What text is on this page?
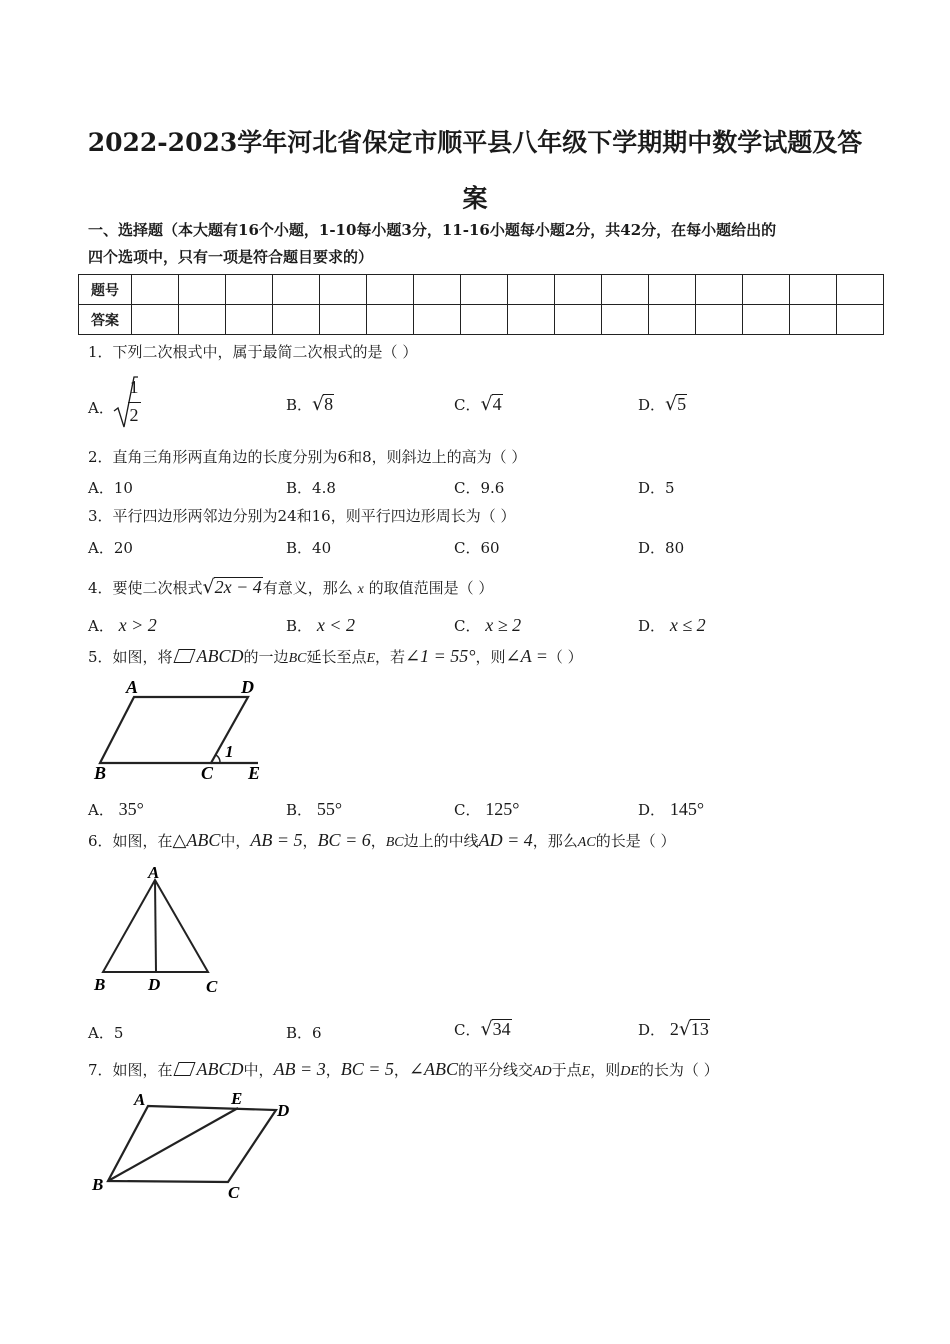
2022-2023学年河北省保定市顺平县八年级下学期期中数学试题及答
案
一、选择题（本大题有16个小题，1-10每小题3分，11-16小题每小题2分，共42分，在每小题给出的
四个选项中，只有一项是符合题目要求的）
题号																
答案																
1．下列二次根式中，属于最简二次根式的是（ ）
A．
1
2	B．√8	C．√4	D．√5
2．直角三角形两直角边的长度分别为6和8，则斜边上的高为（ ）
A．10	B．4.8	C．9.6	D．5
3．平行四边形两邻边分别为24和16，则平行四边形周长为（ ）
A．20	B．40	C．60	D．80
4．要使二次根式√2x − 4有意义，那么 x 的取值范围是（ ）
A． x > 2	B． x < 2	C． x ≥ 2	D． x ≤ 2
5．如图，将 ABCD的一边BC延长至点E，若∠1 = 55°，则∠A =（ ）
A	D
B	C E
1
A． 35°	B． 55°	C． 125°	D． 145°
6．如图，在△ABC中，AB = 5，BC = 6，BC边上的中线AD = 4，那么AC的长是（ ）
A
B	D	C
A．5	B．6	C．√34	D． 2√13
7．如图，在 ABCD中，AB = 3，BC = 5，∠ABC的平分线交AD于点E，则DE的长为（ ）
A	E
D
B	C
